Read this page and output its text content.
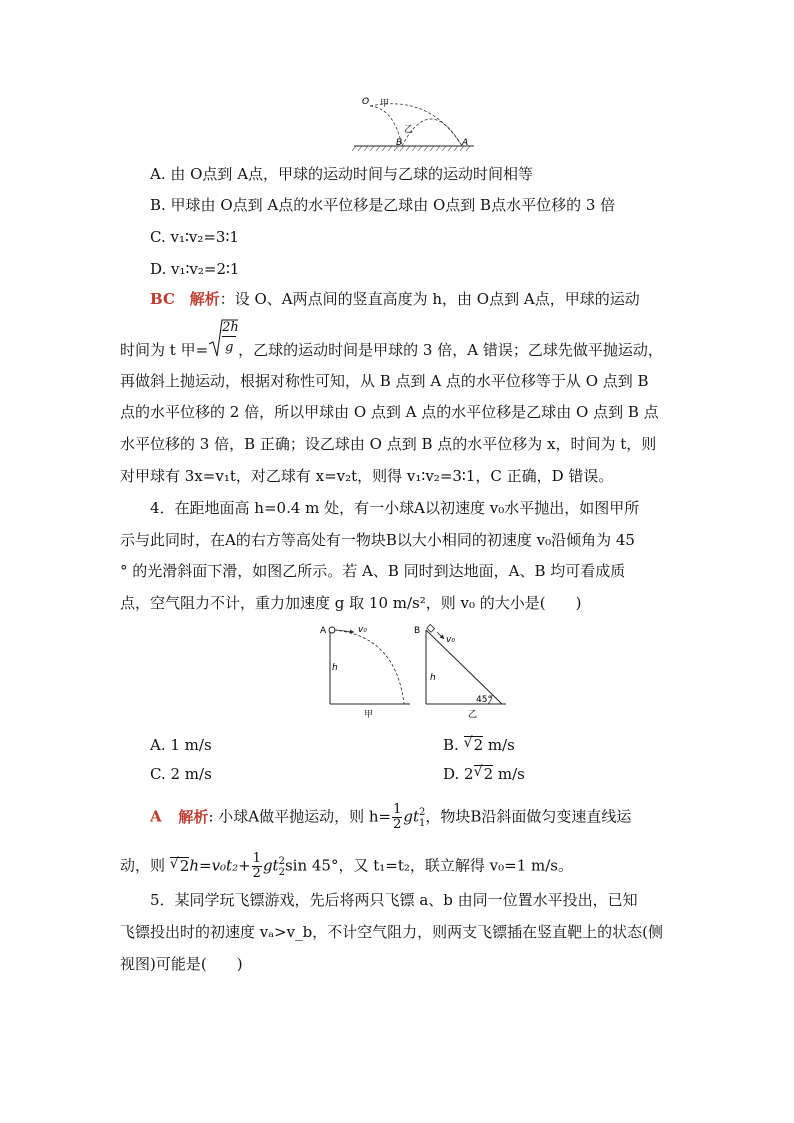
O 甲
乙
B	A
A. 由 O点到 A点，甲球的运动时间与乙球的运动时间相等
B. 甲球由 O点到 A点的水平位移是乙球由 O点到 B点水平位移的 3 倍
C. v₁∶v₂=3∶1
D. v₁∶v₂=2∶1
BC 解析：设 O、A两点间的竖直高度为 h，由 O点到 A点，甲球的运动
时间为 t 甲=
2h
g ，乙球的运动时间是甲球的 3 倍，A 错误；乙球先做平抛运动，
再做斜上抛运动，根据对称性可知，从 B 点到 A 点的水平位移等于从 O 点到 B
点的水平位移的 2 倍，所以甲球由 O 点到 A 点的水平位移是乙球由 O 点到 B 点
水平位移的 3 倍，B 正确；设乙球由 O 点到 B 点的水平位移为 x，时间为 t，则
对甲球有 3x=v₁t，对乙球有 x=v₂t，则得 v₁∶v₂=3∶1，C 正确，D 错误。
4．在距地面高 h=0.4 m 处，有一小球A以初速度 v₀水平抛出，如图甲所
示与此同时，在A的右方等高处有一物块B以大小相同的初速度 v₀沿倾角为 45
° 的光滑斜面下滑，如图乙所示。若 A、B 同时到达地面，A、B 均可看成质
点，空气阻力不计，重力加速度 g 取 10 m/s²，则 v₀ 的大小是(　　)
A	v₀
h
甲
B
v₀
h
45°
乙
A. 1 m/s	B. √ 2 m/s
C. 2 m/s	D. 2 √ 2 m/s
A 解析: 小球A做平抛运动，则 $h= \frac{1}{2}$ gt 2
1 ，物块B沿斜面做匀变速直线运
动，则 √ $2h=v_0t_2+ \frac{1}{2}$ gt 2
2 sin 45°，又 t₁=t₂，联立解得 v₀=1 m/s。
5．某同学玩飞镖游戏，先后将两只飞镖 a、b 由同一位置水平投出，已知
飞镖投出时的初速度 vₐ>v_b，不计空气阻力，则两支飞镖插在竖直靶上的状态(侧
视图)可能是(　　)
